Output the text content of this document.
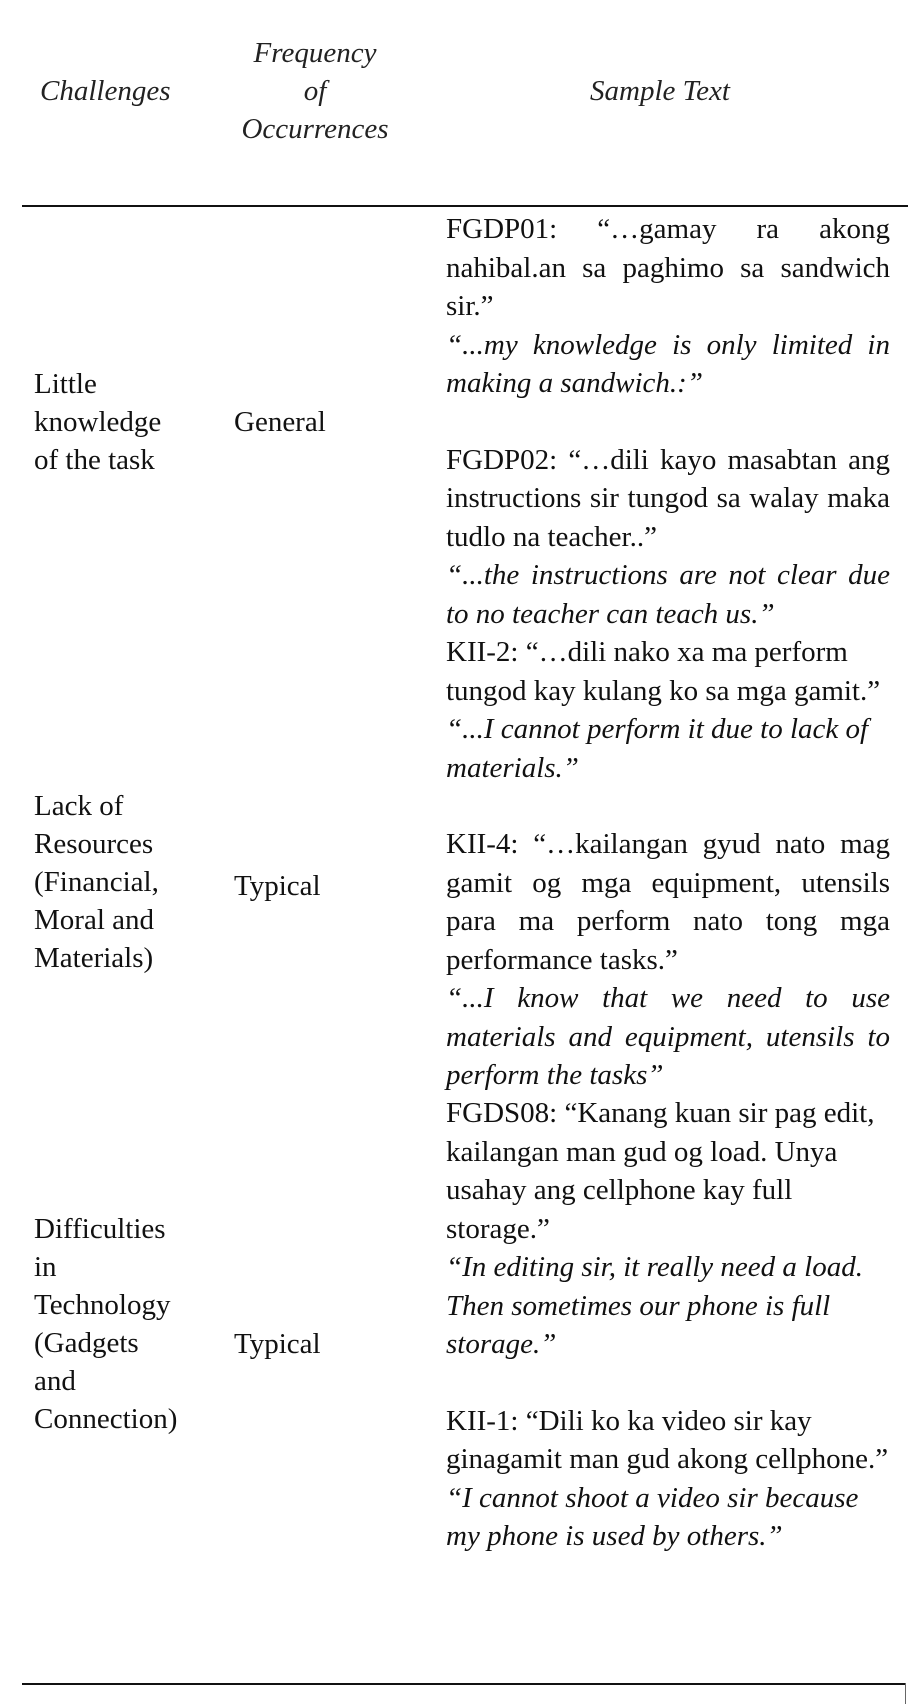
Challenges
Frequency
of
Occurrences
Sample Text
Little
knowledge
of the task
General

FGDP01: “…gamay ra akong nahibal.an sa paghimo sa sandwich sir.”

“...my knowledge is only limited in making a sandwich.:”

FGDP02: “…dili kayo masabtan ang instructions sir tungod sa walay maka tudlo na teacher..”

“...the instructions are not clear due to no teacher can teach us.”

Lack of
Resources
(Financial,
Moral and
Materials)
Typical

KII-2: “…dili nako xa ma perform tungod kay kulang ko sa mga gamit.”

“...I cannot perform it due to lack of materials.”

KII-4: “…kailangan gyud nato mag gamit og mga equipment, utensils para ma perform nato tong mga performance tasks.”

“...I know that we need to use materials and equipment, utensils to perform the tasks”

Difficulties
in
Technology
(Gadgets
and
Connection)
Typical

FGDS08: “Kanang kuan sir pag edit, kailangan man gud og load. Unya usahay ang cellphone kay full storage.”

“In editing sir, it really need a load. Then sometimes our phone is full storage.”

KII-1: “Dili ko ka video sir kay ginagamit man gud akong cellphone.”

“I cannot shoot a video sir because my phone is used by others.”
